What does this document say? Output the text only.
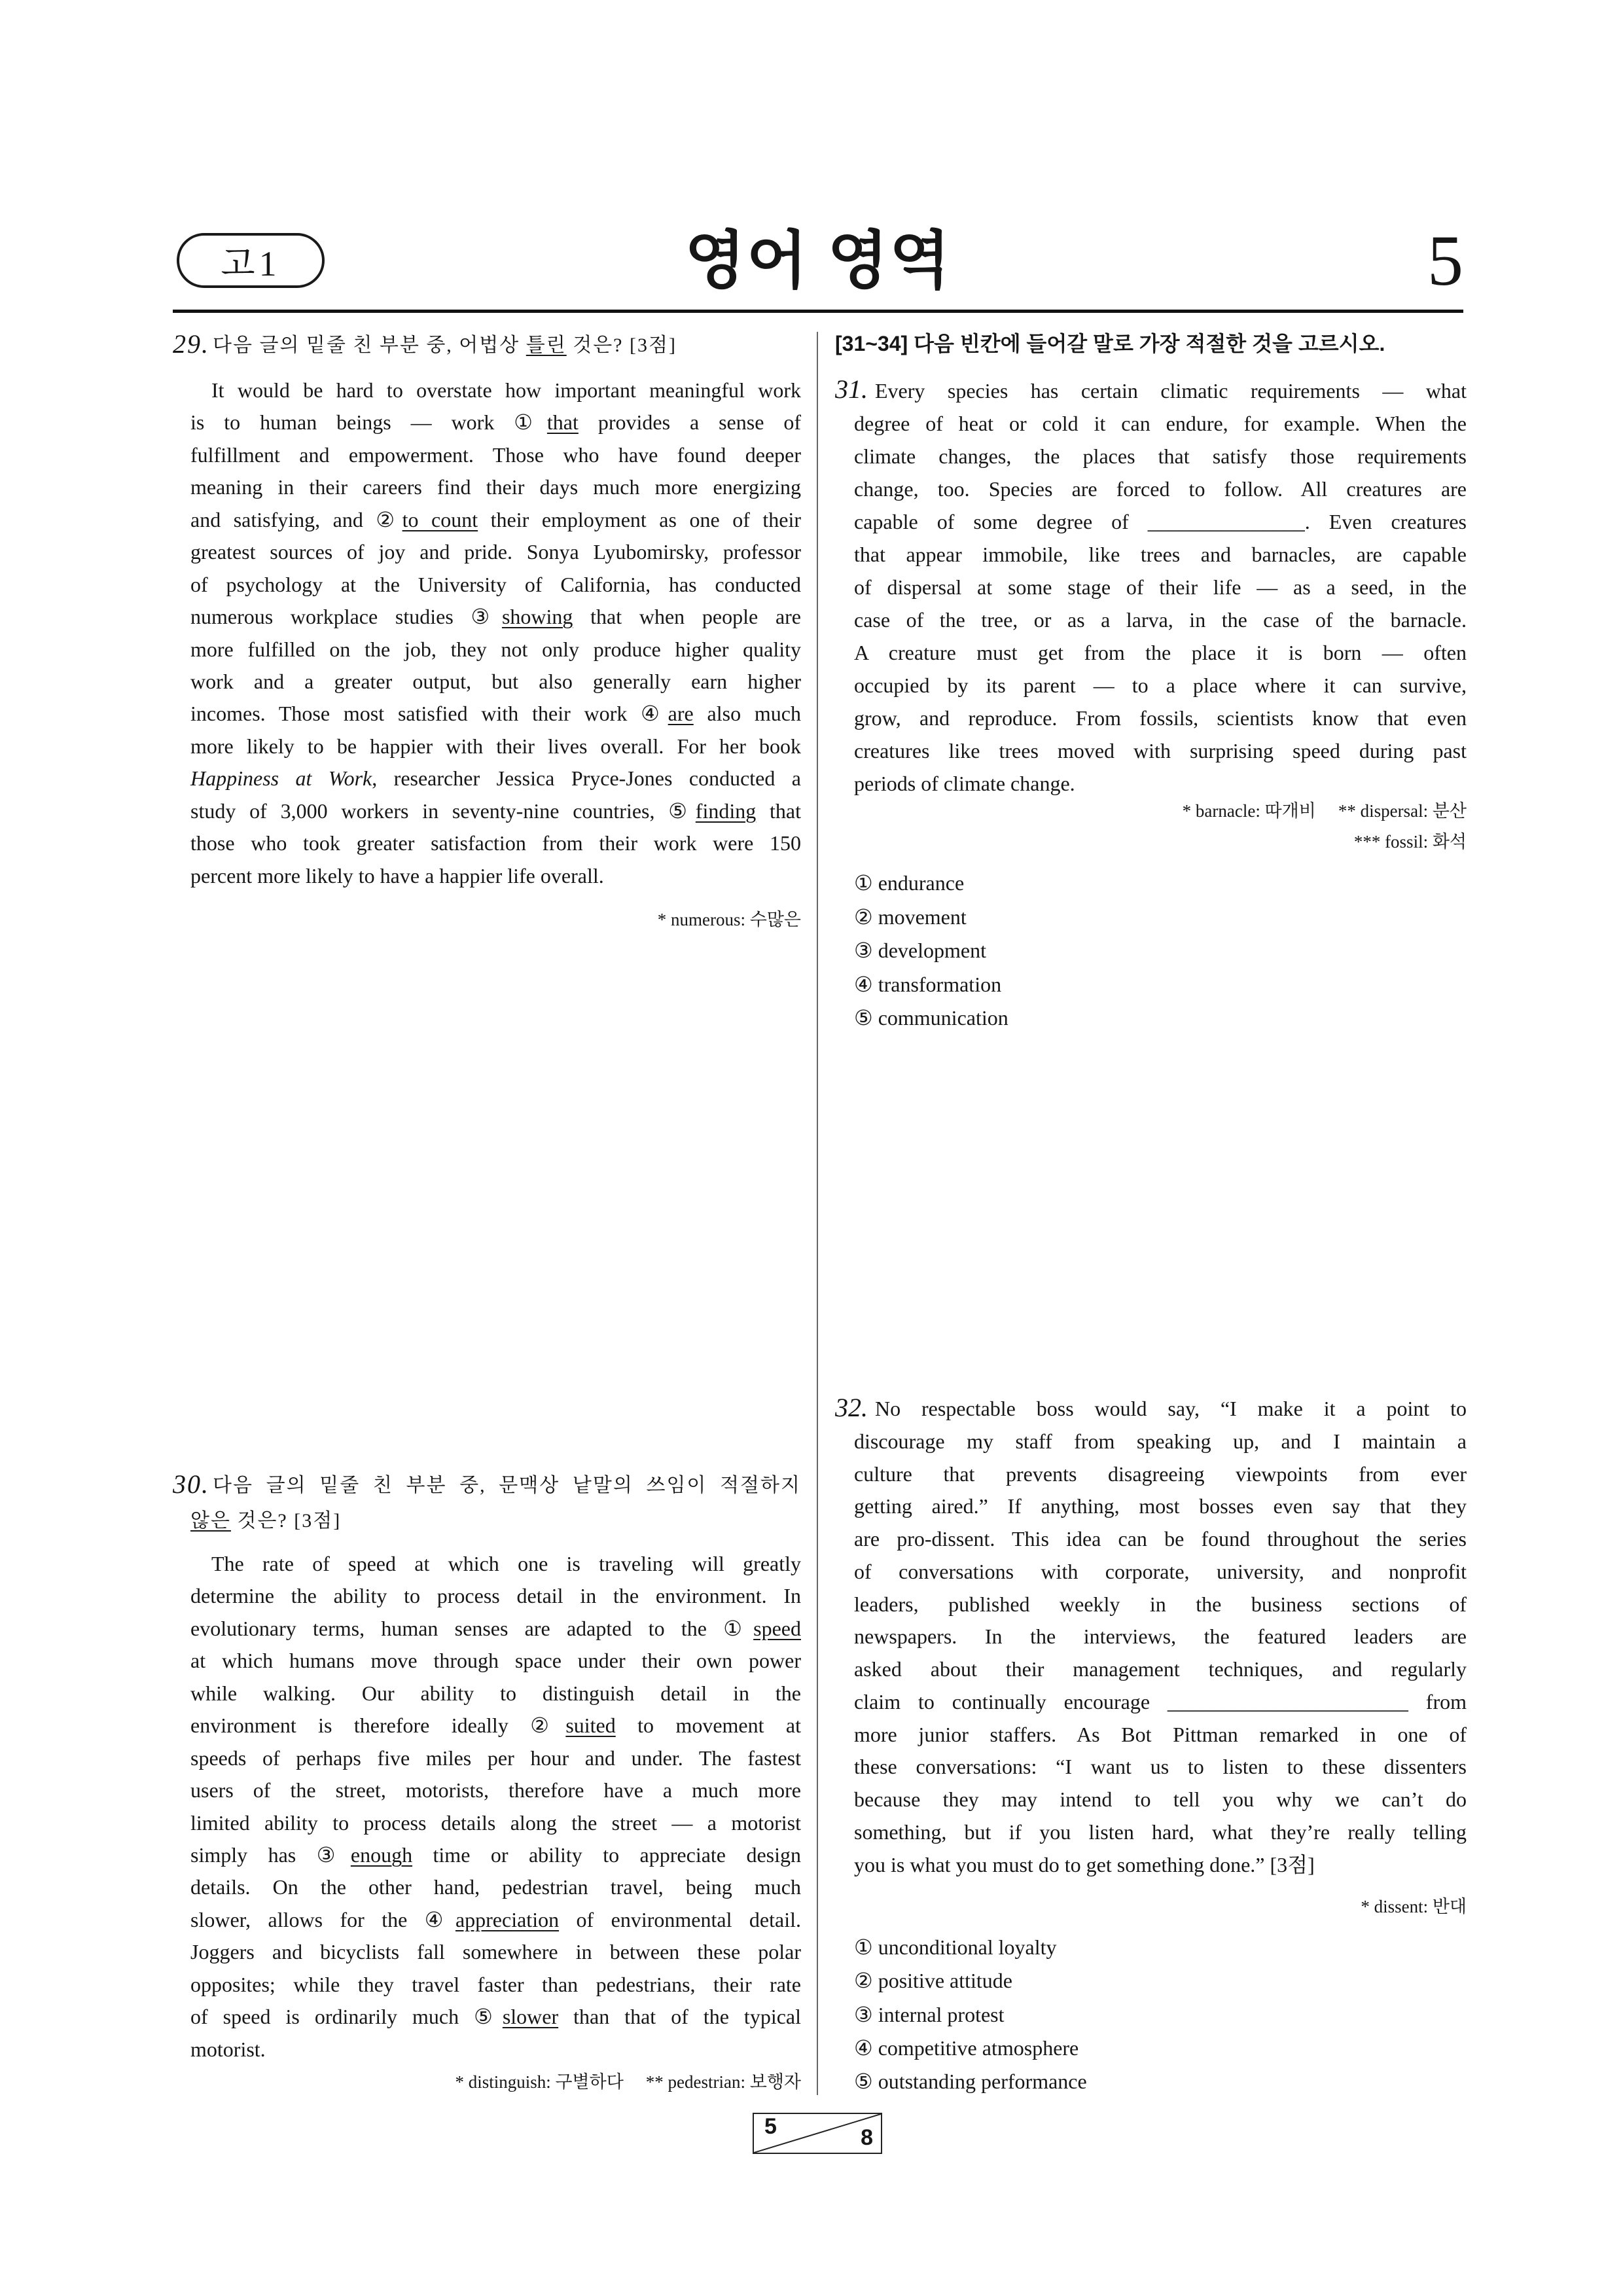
고1	영어 영역	5
29. 다음 글의 밑줄 친 부분 중, 어법상 틀린 것은? [3점]
It would be hard to overstate how important meaningful work
is to human beings — work ①that provides a sense of
fulfillment and empowerment. Those who have found deeper
meaning in their careers find their days much more energizing
and satisfying, and ②to count their employment as one of their
greatest sources of joy and pride. Sonya Lyubomirsky, professor
of psychology at the University of California, has conducted
numerous workplace studies ③showing that when people are
more fulfilled on the job, they not only produce higher quality
work and a greater output, but also generally earn higher
incomes. Those most satisfied with their work ④are also much
more likely to be happier with their lives overall. For her book
Happiness at Work, researcher Jessica Pryce-Jones conducted a
study of 3,000 workers in seventy-nine countries, ⑤finding that
those who took greater satisfaction from their work were 150
percent more likely to have a happier life overall.
* numerous: 수많은
30. 다음 글의 밑줄 친 부분 중, 문맥상 낱말의 쓰임이 적절하지
않은 것은? [3점]
The rate of speed at which one is traveling will greatly
determine the ability to process detail in the environment. In
evolutionary terms, human senses are adapted to the ①speed
at which humans move through space under their own power
while walking. Our ability to distinguish detail in the
environment is therefore ideally ②suited to movement at
speeds of perhaps five miles per hour and under. The fastest
users of the street, motorists, therefore have a much more
limited ability to process details along the street — a motorist
simply has ③enough time or ability to appreciate design
details. On the other hand, pedestrian travel, being much
slower, allows for the ④appreciation of environmental detail.
Joggers and bicyclists fall somewhere in between these polar
opposites; while they travel faster than pedestrians, their rate
of speed is ordinarily much ⑤slower than that of the typical
motorist.
* distinguish: 구별하다 ** pedestrian: 보행자
[31~34] 다음 빈칸에 들어갈 말로 가장 적절한 것을 고르시오.
31. Every species has certain climatic requirements — what
degree of heat or cold it can endure, for example. When the
climate changes, the places that satisfy those requirements
change, too. Species are forced to follow. All creatures are
capable of some degree of _______________. Even creatures
that appear immobile, like trees and barnacles, are capable
of dispersal at some stage of their life — as a seed, in the
case of the tree, or as a larva, in the case of the barnacle.
A creature must get from the place it is born — often
occupied by its parent — to a place where it can survive,
grow, and reproduce. From fossils, scientists know that even
creatures like trees moved with surprising speed during past
periods of climate change.
* barnacle: 따개비 ** dispersal: 분산
*** fossil: 화석
① endurance
② movement
③ development
④ transformation
⑤ communication
32. No respectable boss would say, “I make it a point to
discourage my staff from speaking up, and I maintain a
culture that prevents disagreeing viewpoints from ever
getting aired.” If anything, most bosses even say that they
are pro-dissent. This idea can be found throughout the series
of conversations with corporate, university, and nonprofit
leaders, published weekly in the business sections of
newspapers. In the interviews, the featured leaders are
asked about their management techniques, and regularly
claim to continually encourage _______________________ from
more junior staffers. As Bot Pittman remarked in one of
these conversations: “I want us to listen to these dissenters
because they may intend to tell you why we can’t do
something, but if you listen hard, what they’re really telling
you is what you must do to get something done.” [3점]
* dissent: 반대
① unconditional loyalty
② positive attitude
③ internal protest
④ competitive atmosphere
⑤ outstanding performance
5	8
